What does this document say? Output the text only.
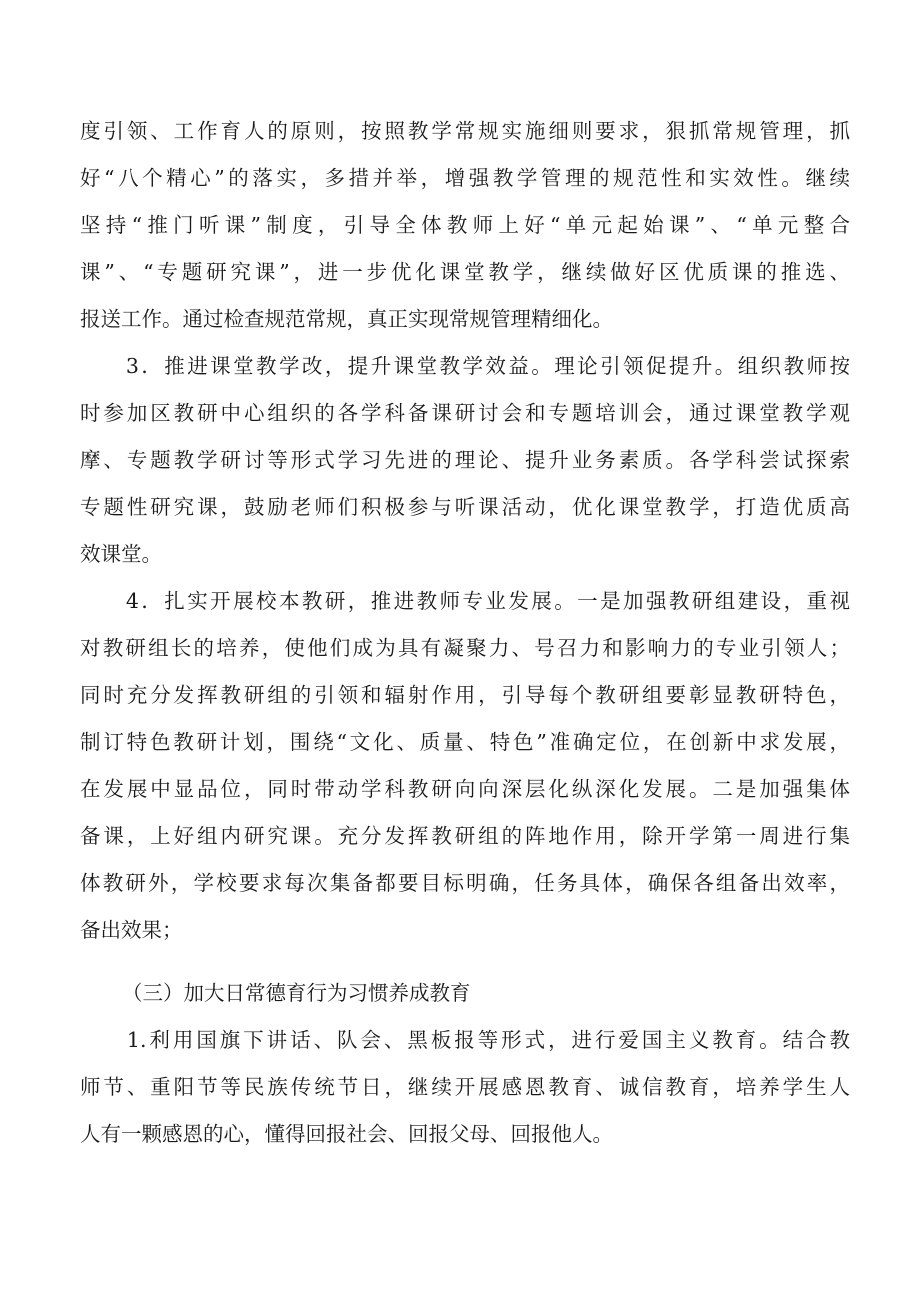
度引领、工作育人的原则，按照教学常规实施细则要求，狠抓常规管理，抓
好“八个精心”的落实，多措并举，增强教学管理的规范性和实效性。继续
坚持“推门听课”制度，引导全体教师上好“单元起始课”、“单元整合
课”、“专题研究课”，进一步优化课堂教学，继续做好区优质课的推选、
报送工作。通过检查规范常规，真正实现常规管理精细化。
　　3．推进课堂教学改，提升课堂教学效益。理论引领促提升。组织教师按
时参加区教研中心组织的各学科备课研讨会和专题培训会，通过课堂教学观
摩、专题教学研讨等形式学习先进的理论、提升业务素质。各学科尝试探索
专题性研究课，鼓励老师们积极参与听课活动，优化课堂教学，打造优质高
效课堂。
　　4．扎实开展校本教研，推进教师专业发展。一是加强教研组建设，重视
对教研组长的培养，使他们成为具有凝聚力、号召力和影响力的专业引领人；
同时充分发挥教研组的引领和辐射作用，引导每个教研组要彰显教研特色，
制订特色教研计划，围绕“文化、质量、特色”准确定位，在创新中求发展，
在发展中显品位，同时带动学科教研向向深层化纵深化发展。二是加强集体
备课，上好组内研究课。充分发挥教研组的阵地作用，除开学第一周进行集
体教研外，学校要求每次集备都要目标明确，任务具体，确保各组备出效率，
备出效果；
（三）加大日常德育行为习惯养成教育
　　1.利用国旗下讲话、队会、黑板报等形式，进行爱国主义教育。结合教
师节、重阳节等民族传统节日，继续开展感恩教育、诚信教育，培养学生人
人有一颗感恩的心，懂得回报社会、回报父母、回报他人。
